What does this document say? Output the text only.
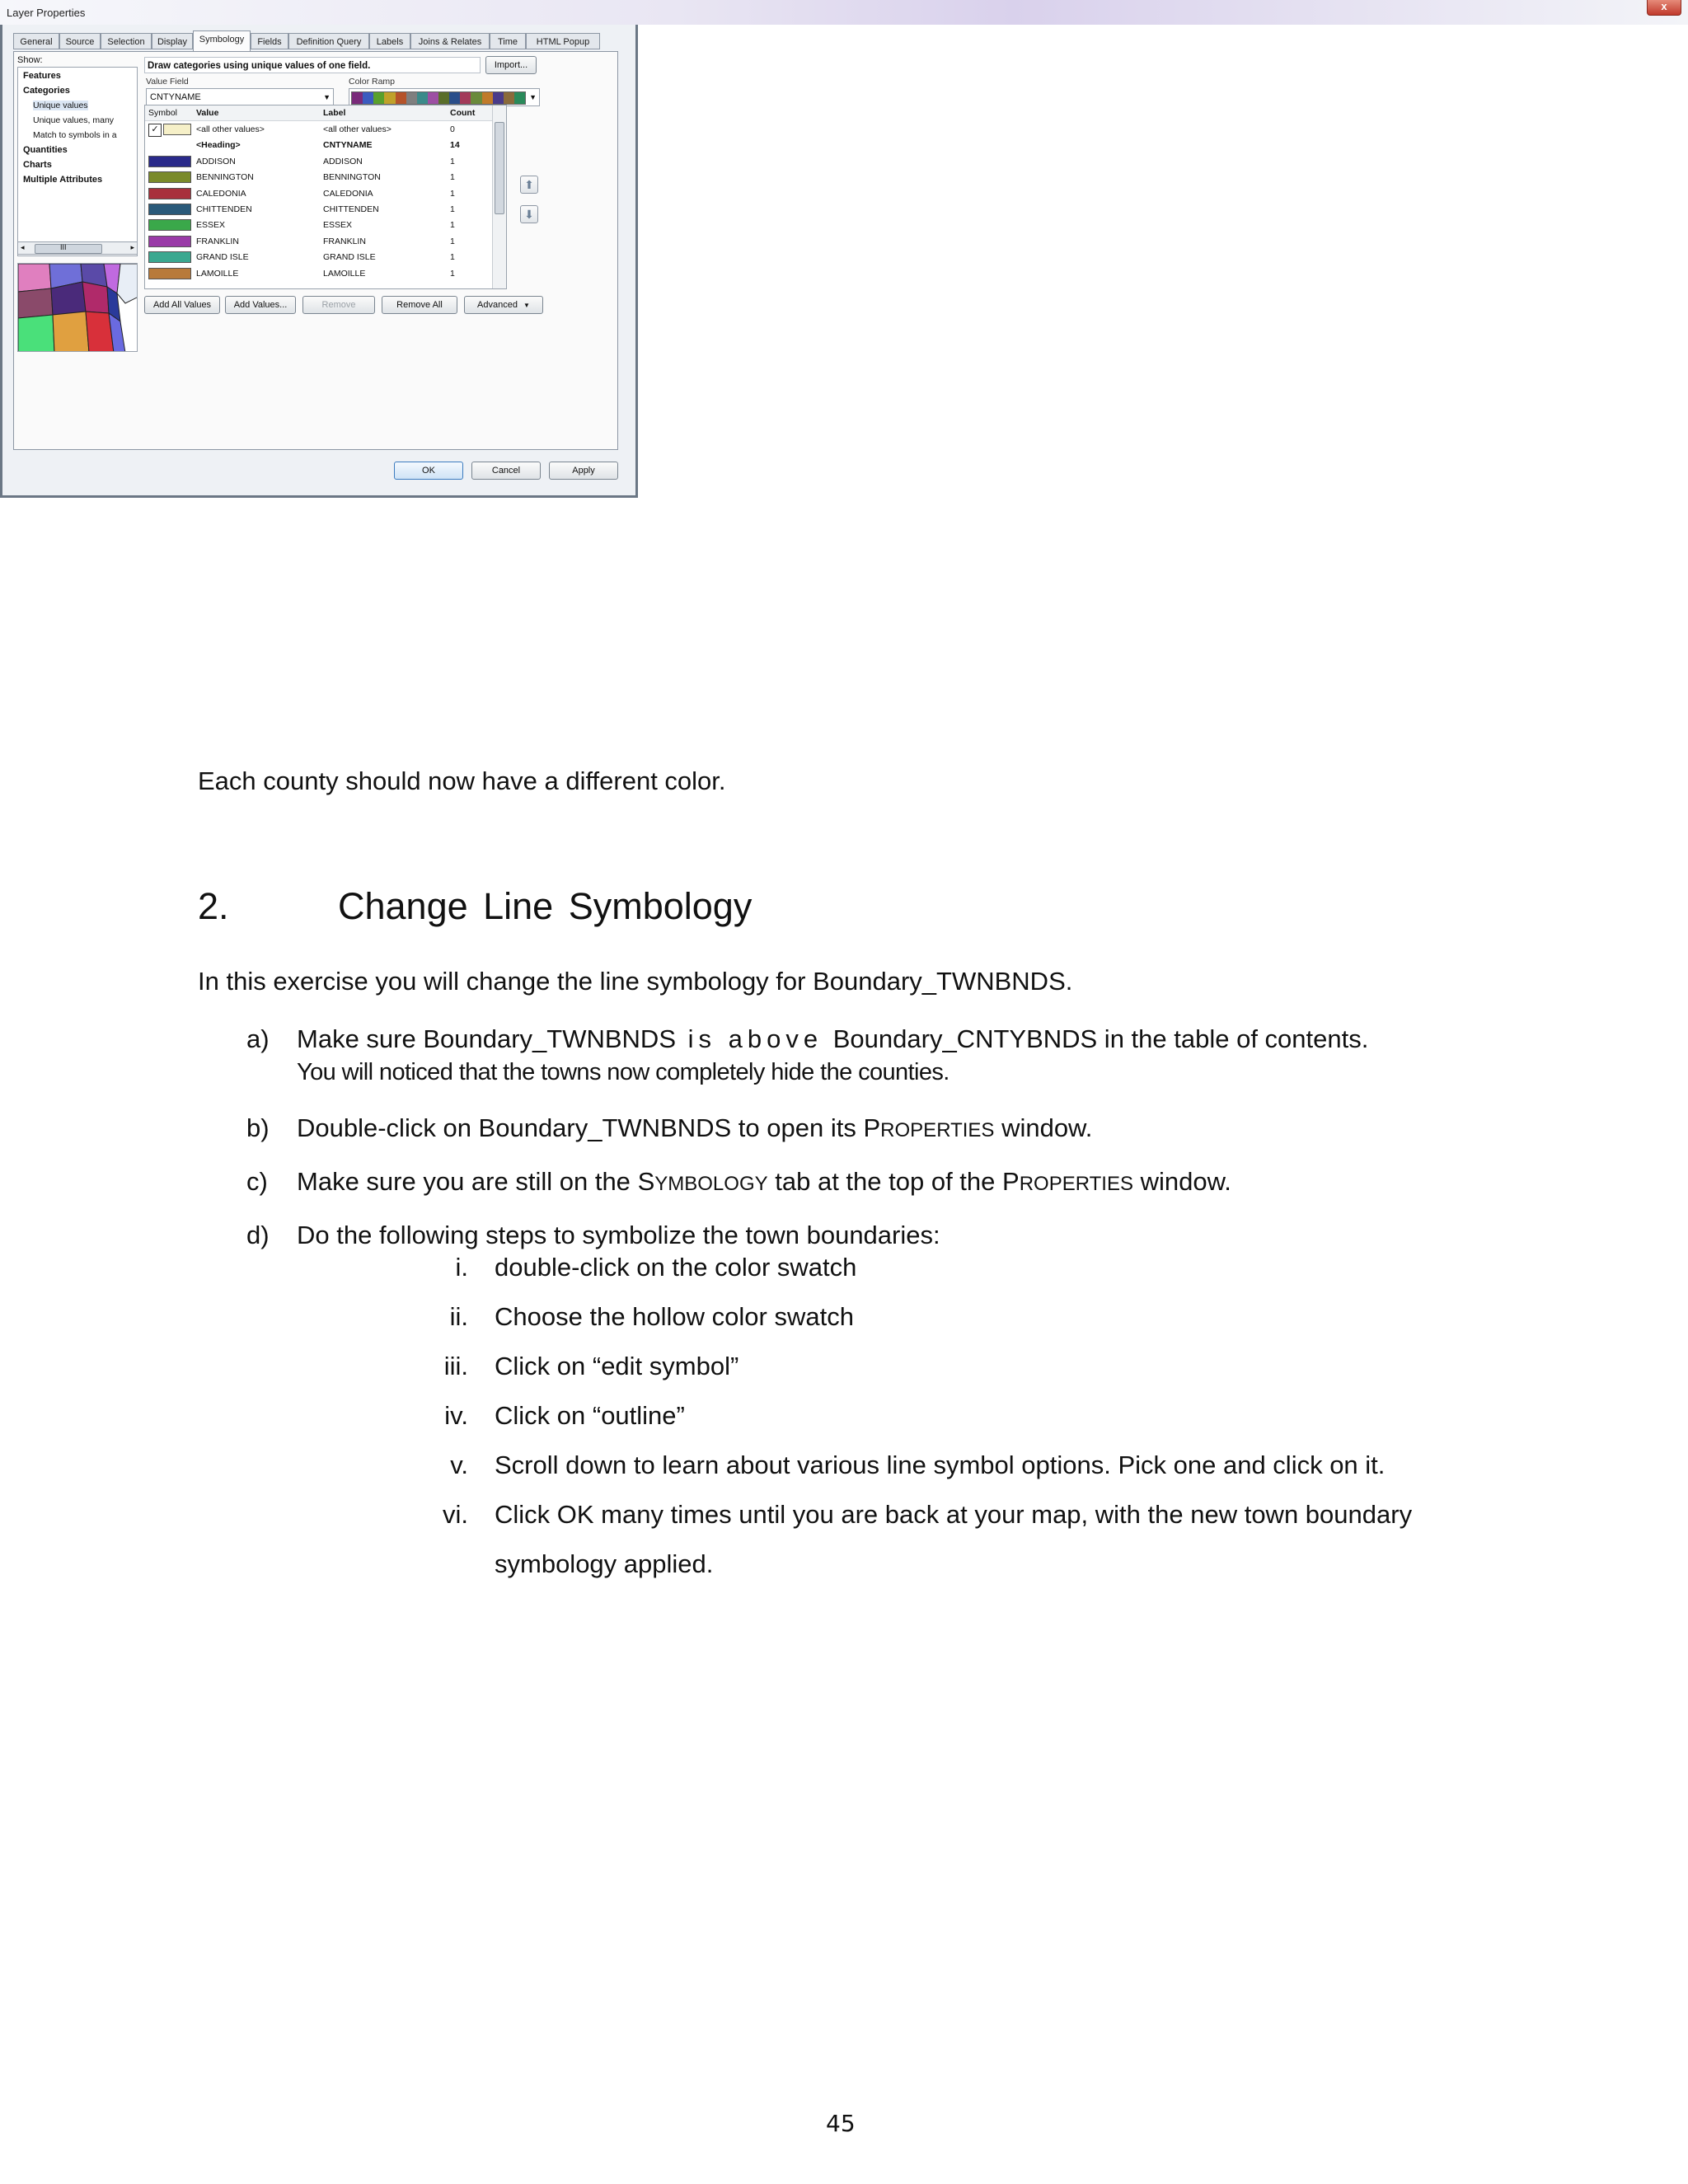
Layer Properties
x
General	Source	Selection	Display	Symbology	Fields	Definition Query	Labels	Joins & Relates	Time	HTML Popup
Show:
Features
Categories
Unique values
Unique values, many
Match to symbols in a
Quantities
Charts
Multiple Attributes
◂	III	▸
Draw categories using unique values of one field.	Import...
Value Field
CNTYNAME	▼
Color Ramp
▼
Symbol Value	Label	Count
✓	<all other values>	<all other values>	0
<Heading>	CNTYNAME	14
ADDISON	ADDISON	1
BENNINGTON	BENNINGTON	1
CALEDONIA	CALEDONIA	1
CHITTENDEN	CHITTENDEN	1
ESSEX	ESSEX	1
FRANKLIN	FRANKLIN	1
GRAND ISLE	GRAND ISLE	1
LAMOILLE	LAMOILLE	1
⬆
⬇
Add All Values	Add Values...	Remove	Remove All	Advanced ▼
OK	Cancel	Apply
Each county should now have a different color.
2.	Change Line Symbology
In this exercise you will change the line symbology for Boundary_TWNBNDS.
a) Make sure Boundary_TWNBNDS is above Boundary_CNTYBNDS in the table of contents.
You will noticed that the towns now completely hide the counties.
b) Double-click on Boundary_TWNBNDS to open its PROPERTIES window.
c) Make sure you are still on the SYMBOLOGY tab at the top of the PROPERTIES window.
d) Do the following steps to symbolize the town boundaries:
i. double-click on the color swatch
ii. Choose the hollow color swatch
iii. Click on “edit symbol”
iv. Click on “outline”
v. Scroll down to learn about various line symbol options. Pick one and click on it.
vi. Click OK many times until you are back at your map, with the new town boundary
symbology applied.
45
